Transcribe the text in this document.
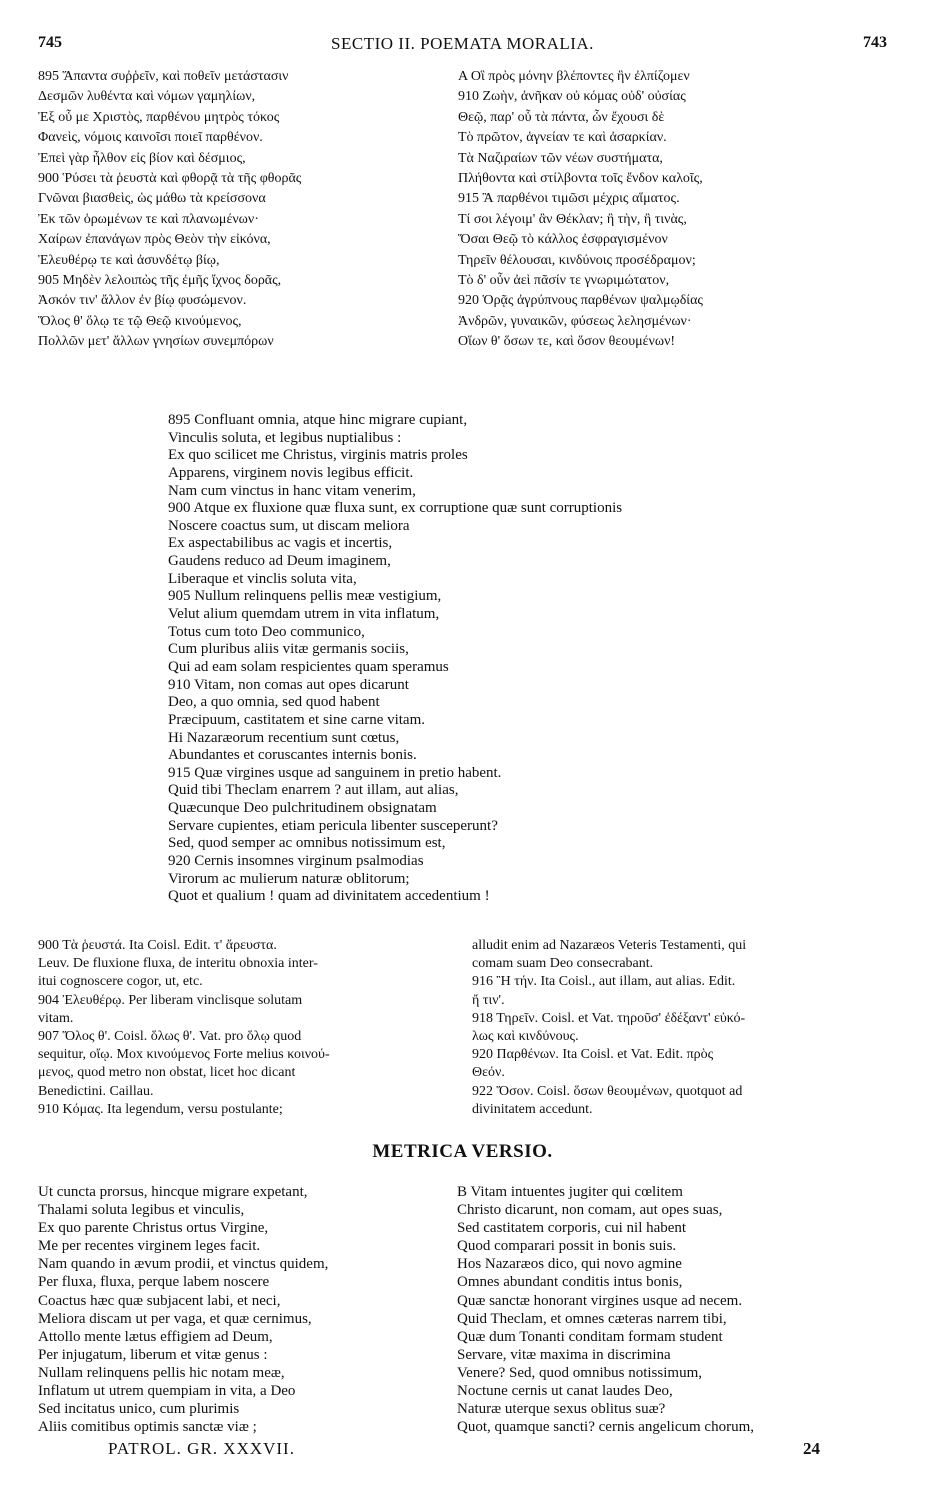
745	SECTIO II. POEMATA MORALIA.	743
895 Ἅπαντα συῤῥεῖν, καὶ ποθεῖν μετάστασιν
Δεσμῶν λυθέντα καὶ νόμων γαμηλίων,
Ἐξ οὗ με Χριστὸς, παρθένου μητρὸς τόκος
Φανεὶς, νόμοις καινοῖσι ποιεῖ παρθένον.
Ἐπεὶ γὰρ ἦλθον εἰς βίον καὶ δέσμιος,
900 Ῥύσει τὰ ῥευστὰ καὶ φθορᾷ τὰ τῆς φθορᾶς
Γνῶναι βιασθεὶς, ὡς μάθω τὰ κρείσσονα
Ἐκ τῶν ὁρωμένων τε καὶ πλανωμένων·
Χαίρων ἐπανάγων πρὸς Θεὸν τὴν εἰκόνα,
Ἐλευθέρῳ τε καὶ ἀσυνδέτῳ βίῳ,
905 Μηδὲν λελοιπὼς τῆς ἐμῆς ἴχνος δορᾶς,
Ἀσκόν τιν' ἄλλον ἐν βίῳ φυσώμενον.
Ὅλος θ' ὅλῳ τε τῷ Θεῷ κινούμενος,
Πολλῶν μετ' ἄλλων γνησίων συνεμπόρων
A Οἳ πρὸς μόνην βλέποντες ἣν ἐλπίζομεν
910 Ζωὴν, ἀνῆκαν οὐ κόμας οὐδ' οὐσίας
Θεῷ, παρ' οὗ τὰ πάντα, ὧν ἔχουσι δὲ
Τὸ πρῶτον, ἁγνείαν τε καὶ ἀσαρκίαν.
Τὰ Ναζιραίων τῶν νέων συστήματα,
Πλήθοντα καὶ στίλβοντα τοῖς ἔνδον καλοῖς,
915 Ἃ παρθένοι τιμῶσι μέχρις αἵματος.
Τί σοι λέγοιμ' ἂν Θέκλαν; ἢ τὴν, ἢ τινὰς,
Ὅσαι Θεῷ τὸ κάλλος ἐσφραγισμένον
Τηρεῖν θέλουσαι, κινδύνοις προσέδραμον;
Τὸ δ' οὖν ἀεὶ πᾶσίν τε γνωριμώτατον,
920 Ὁρᾷς ἀγρύπνους παρθένων ψαλμῳδίας
Ἀνδρῶν, γυναικῶν, φύσεως λελησμένων·
Οἵων θ' ὅσων τε, καὶ ὅσον θεουμένων!
895 Confluant omnia, atque hinc migrare cupiant,
Vinculis soluta, et legibus nuptialibus :
Ex quo scilicet me Christus, virginis matris proles
Apparens, virginem novis legibus efficit.
Nam cum vinctus in hanc vitam venerim,
900 Atque ex fluxione quæ fluxa sunt, ex corruptione quæ sunt corruptionis
Noscere coactus sum, ut discam meliora
Ex aspectabilibus ac vagis et incertis,
Gaudens reduco ad Deum imaginem,
Liberaque et vinclis soluta vita,
905 Nullum relinquens pellis meæ vestigium,
Velut alium quemdam utrem in vita inflatum,
Totus cum toto Deo communico,
Cum pluribus aliis vitæ germanis sociis,
Qui ad eam solam respicientes quam speramus
910 Vitam, non comas aut opes dicarunt
Deo, a quo omnia, sed quod habent
Præcipuum, castitatem et sine carne vitam.
Hi Nazaræorum recentium sunt cœtus,
Abundantes et coruscantes internis bonis.
915 Quæ virgines usque ad sanguinem in pretio habent.
Quid tibi Theclam enarrem ? aut illam, aut alias,
Quæcunque Deo pulchritudinem obsignatam
Servare cupientes, etiam pericula libenter susceperunt?
Sed, quod semper ac omnibus notissimum est,
920 Cernis insomnes virginum psalmodias
Virorum ac mulierum naturæ oblitorum;
Quot et qualium ! quam ad divinitatem accedentium !
900 Τὰ ῥευστά. Ita Coisl. Edit. τ' ἄρευστα.
Leuv. De fluxione fluxa, de interitu obnoxia inter-
itui cognoscere cogor, ut, etc.
904 Ἐλευθέρῳ. Per liberam vinclisque solutam
vitam.
907 Ὅλος θ'. Coisl. ὅλως θ'. Vat. pro ὅλῳ quod
sequitur, οἴῳ. Mox κινούμενος Forte melius κοινού-
μενος, quod metro non obstat, licet hoc dicant
Benedictini. Caillau.
910 Κόμας. Ita legendum, versu postulante;
alludit enim ad Nazaræos Veteris Testamenti, qui
comam suam Deo consecrabant.
916 Ἢ τήν. Ita Coisl., aut illam, aut alias. Edit.
ἤ τιν'.
918 Τηρεῖν. Coisl. et Vat. τηροῦσ' ἐδέξαντ' εὐκό-
λως καὶ κινδύνους.
920 Παρθένων. Ita Coisl. et Vat. Edit. πρὸς
Θεόν.
922 Ὅσον. Coisl. ὅσων θεουμένων, quotquot ad
divinitatem accedunt.
METRICA VERSIO.
Ut cuncta prorsus, hincque migrare expetant,
Thalami soluta legibus et vinculis,
Ex quo parente Christus ortus Virgine,
Me per recentes virginem leges facit.
Nam quando in ævum prodii, et vinctus quidem,
Per fluxa, fluxa, perque labem noscere
Coactus hæc quæ subjacent labi, et neci,
Meliora discam ut per vaga, et quæ cernimus,
Attollo mente lætus effigiem ad Deum,
Per injugatum, liberum et vitæ genus :
Nullam relinquens pellis hic notam meæ,
Inflatum ut utrem quempiam in vita, a Deo
Sed incitatus unico, cum plurimis
Aliis comitibus optimis sanctæ viæ ;
B Vitam intuentes jugiter qui cœlitem
Christo dicarunt, non comam, aut opes suas,
Sed castitatem corporis, cui nil habent
Quod comparari possit in bonis suis.
Hos Nazaræos dico, qui novo agmine
Omnes abundant conditis intus bonis,
Quæ sanctæ honorant virgines usque ad necem.
Quid Theclam, et omnes cæteras narrem tibi,
Quæ dum Tonanti conditam formam student
Servare, vitæ maxima in discrimina
Venere? Sed, quod omnibus notissimum,
Noctune cernis ut canat laudes Deo,
Naturæ uterque sexus oblitus suæ?
Quot, quamque sancti? cernis angelicum chorum,
PATROL. GR. XXXVII.	24
